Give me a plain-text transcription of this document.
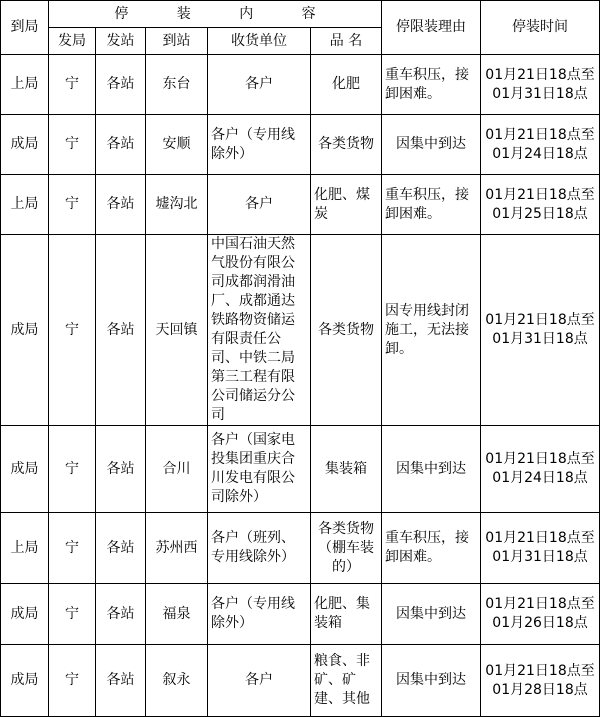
到局	停 装 内 容					停限装理由	停装时间
	发局	发站	到站	收货单位	品 名		
上局	宁	各站	东台	各户	化肥	重车积压，接卸困难。	01月21日18点至01月31日18点
成局	宁	各站	安顺	各户（专用线除外）	各类货物	因集中到达	01月21日18点至01月24日18点
上局	宁	各站	墟沟北	各户	化肥、煤炭	重车积压，接卸困难。	01月21日18点至01月25日18点
成局	宁	各站	天回镇	中国石油天然气股份有限公司成都润滑油厂、成都通达铁路物资储运有限责任公司、中铁二局第三工程有限公司储运分公司	各类货物	因专用线封闭施工，无法接卸。	01月21日18点至01月31日18点
成局	宁	各站	合川	各户（国家电投集团重庆合川发电有限公司除外）	集装箱	因集中到达	01月21日18点至01月24日18点
上局	宁	各站	苏州西	各户（班列、专用线除外）	各类货物（棚车装的）	重车积压，接卸困难。	01月21日18点至01月31日18点
成局	宁	各站	福泉	各户（专用线除外）	化肥、集装箱	因集中到达	01月21日18点至01月26日18点
成局	宁	各站	叙永	各户	粮食、非矿、矿建、其他	因集中到达	01月21日18点至01月28日18点
